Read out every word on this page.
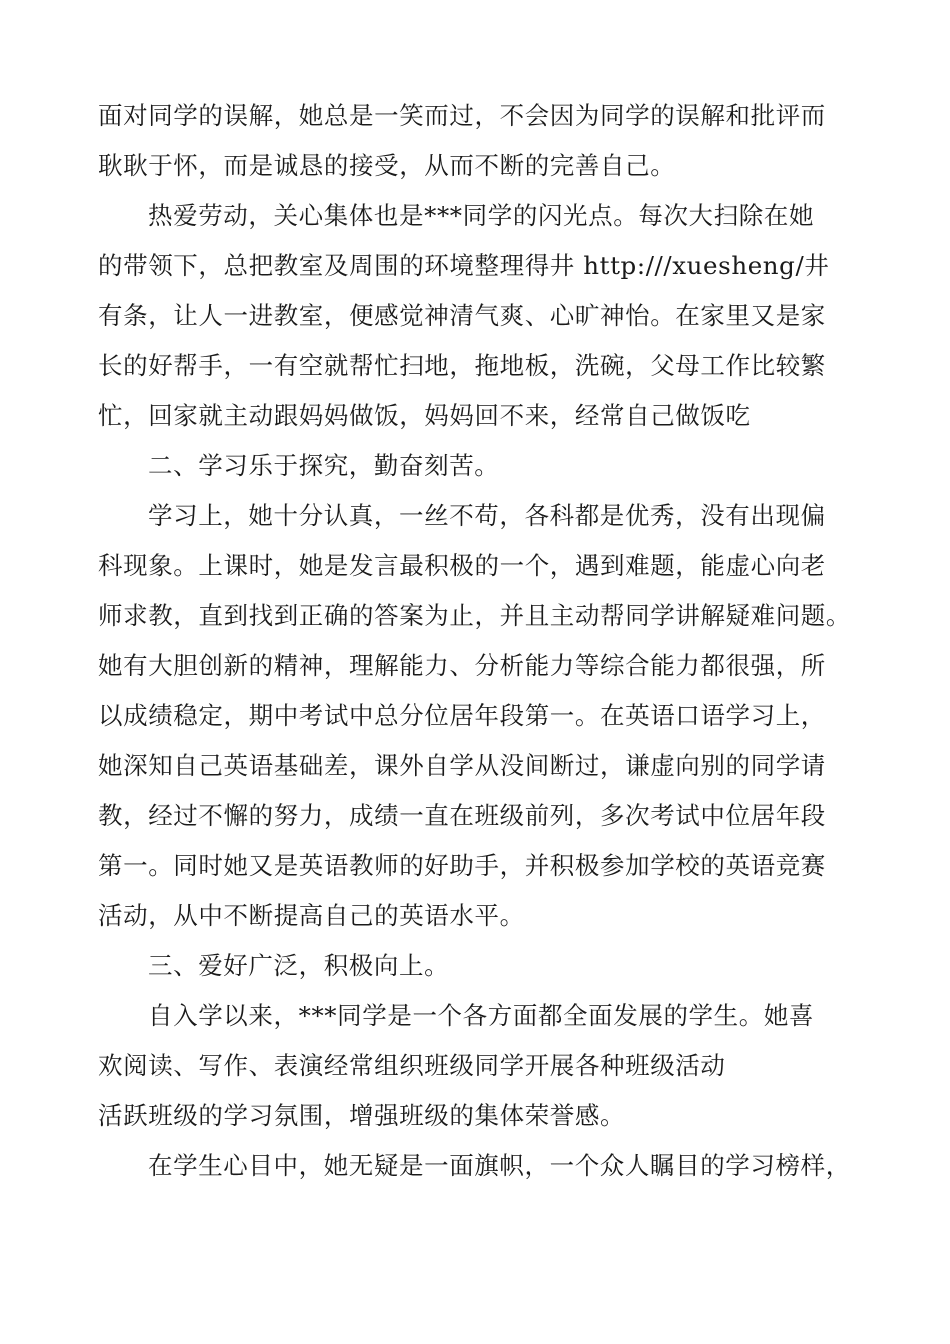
面对同学的误解，她总是一笑而过，不会因为同学的误解和批评而
耿耿于怀，而是诚恳的接受，从而不断的完善自己。
热爱劳动，关心集体也是***同学的闪光点。每次大扫除在她
的带领下，总把教室及周围的环境整理得井 http:///xuesheng/井
有条，让人一进教室，便感觉神清气爽、心旷神怡。在家里又是家
长的好帮手，一有空就帮忙扫地，拖地板，洗碗，父母工作比较繁
忙，回家就主动跟妈妈做饭，妈妈回不来，经常自己做饭吃
二、学习乐于探究，勤奋刻苦。
学习上，她十分认真，一丝不苟，各科都是优秀，没有出现偏
科现象。上课时，她是发言最积极的一个，遇到难题，能虚心向老
师求教，直到找到正确的答案为止，并且主动帮同学讲解疑难问题。
她有大胆创新的精神，理解能力、分析能力等综合能力都很强，所
以成绩稳定，期中考试中总分位居年段第一。在英语口语学习上，
她深知自己英语基础差，课外自学从没间断过，谦虚向别的同学请
教，经过不懈的努力，成绩一直在班级前列，多次考试中位居年段
第一。同时她又是英语教师的好助手，并积极参加学校的英语竞赛
活动，从中不断提高自己的英语水平。
三、爱好广泛，积极向上。
自入学以来，***同学是一个各方面都全面发展的学生。她喜
欢阅读、写作、表演经常组织班级同学开展各种班级活动
活跃班级的学习氛围，增强班级的集体荣誉感。
在学生心目中，她无疑是一面旗帜，一个众人瞩目的学习榜样，
